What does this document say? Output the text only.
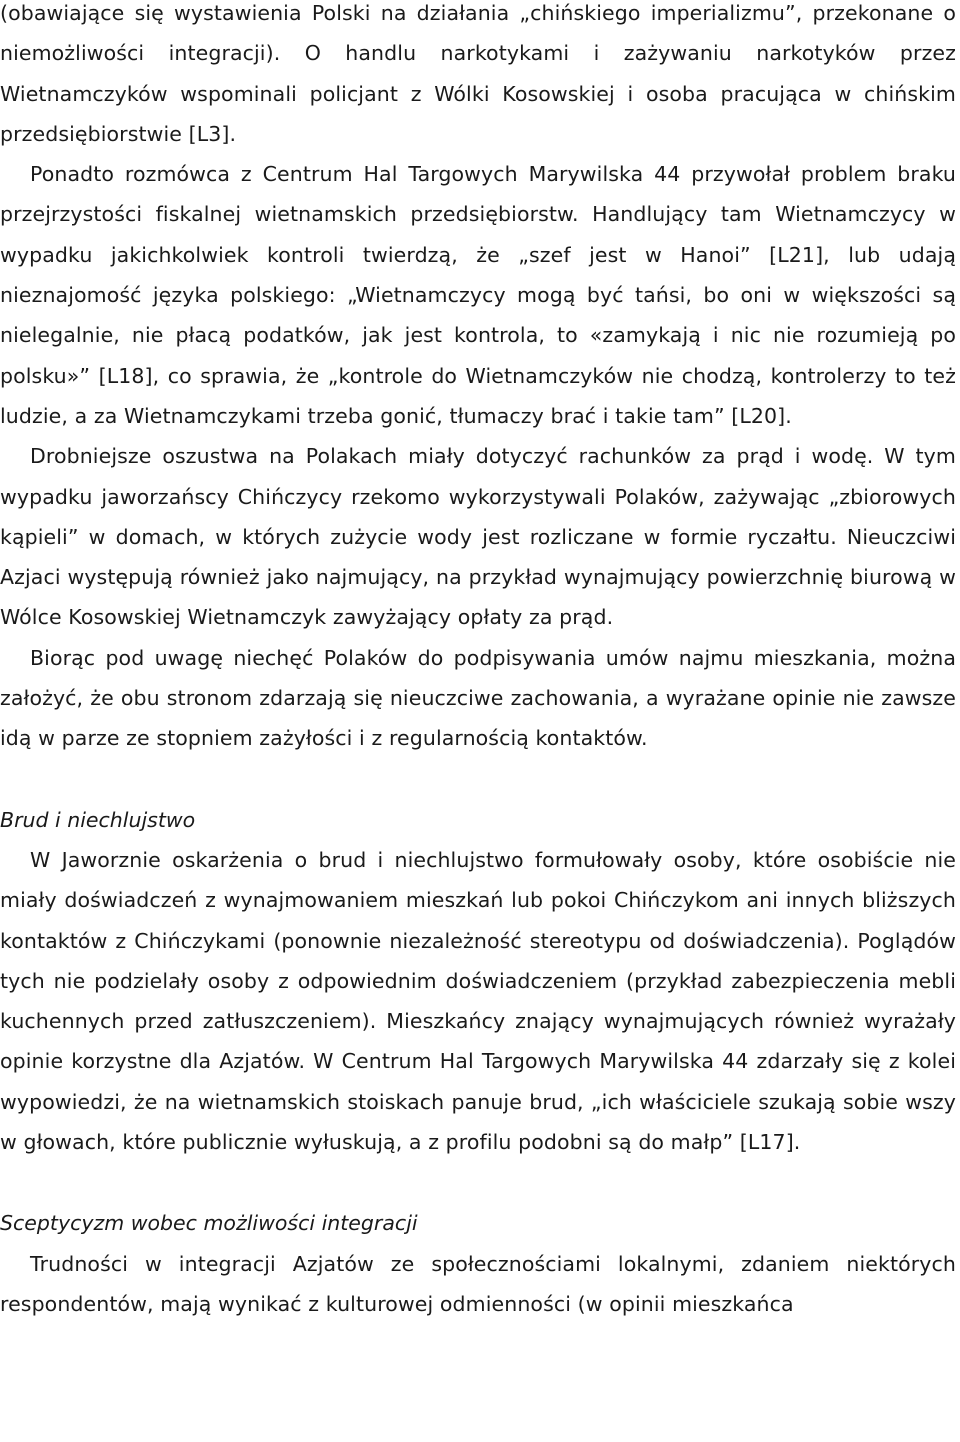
(obawiające się wystawienia Polski na działania „chińskiego imperializmu”, przekonane o niemożliwości integracji). O handlu narkotykami i zażywaniu narkotyków przez Wietnamczyków wspominali policjant z Wólki Kosowskiej i osoba pracująca w chińskim przedsiębiorstwie [L3].

Ponadto rozmówca z Centrum Hal Targowych Marywilska 44 przywołał problem braku przejrzystości fiskalnej wietnamskich przedsiębiorstw. Handlujący tam Wietnamczycy w wypadku jakichkolwiek kontroli twierdzą, że „szef jest w Hanoi” [L21], lub udają nieznajomość języka polskiego: „Wietnamczycy mogą być tańsi, bo oni w większości są nielegalnie, nie płacą podatków, jak jest kontrola, to «zamykają i nic nie rozumieją po polsku»” [L18], co sprawia, że „kontrole do Wietnamczyków nie chodzą, kontrolerzy to też ludzie, a za Wietnamczykami trzeba gonić, tłumaczy brać i takie tam” [L20].

Drobniejsze oszustwa na Polakach miały dotyczyć rachunków za prąd i wodę. W tym wypadku jaworzańscy Chińczycy rzekomo wykorzystywali Polaków, zażywając „zbiorowych kąpieli” w domach, w których zużycie wody jest rozliczane w formie ryczałtu. Nieuczciwi Azjaci występują również jako najmujący, na przykład wynajmujący powierzchnię biurową w Wólce Kosowskiej Wietnamczyk zawyżający opłaty za prąd.

Biorąc pod uwagę niechęć Polaków do podpisywania umów najmu mieszkania, można założyć, że obu stronom zdarzają się nieuczciwe zachowania, a wyrażane opinie nie zawsze idą w parze ze stopniem zażyłości i z regularnością kontaktów.

Brud i niechlujstwo

W Jaworznie oskarżenia o brud i niechlujstwo formułowały osoby, które osobiście nie miały doświadczeń z wynajmowaniem mieszkań lub pokoi Chińczykom ani innych bliższych kontaktów z Chińczykami (ponownie niezależność stereotypu od doświadczenia). Poglądów tych nie podzielały osoby z odpowiednim doświadczeniem (przykład zabezpieczenia mebli kuchennych przed zatłuszczeniem). Mieszkańcy znający wynajmujących również wyrażały opinie korzystne dla Azjatów. W Centrum Hal Targowych Marywilska 44 zdarzały się z kolei wypowiedzi, że na wietnamskich stoiskach panuje brud, „ich właściciele szukają sobie wszy w głowach, które publicznie wyłuskują, a z profilu podobni są do małp” [L17].

Sceptycyzm wobec możliwości integracji

Trudności w integracji Azjatów ze społecznościami lokalnymi, zdaniem niektórych respondentów, mają wynikać z kulturowej odmienności (w opinii mieszkańca
